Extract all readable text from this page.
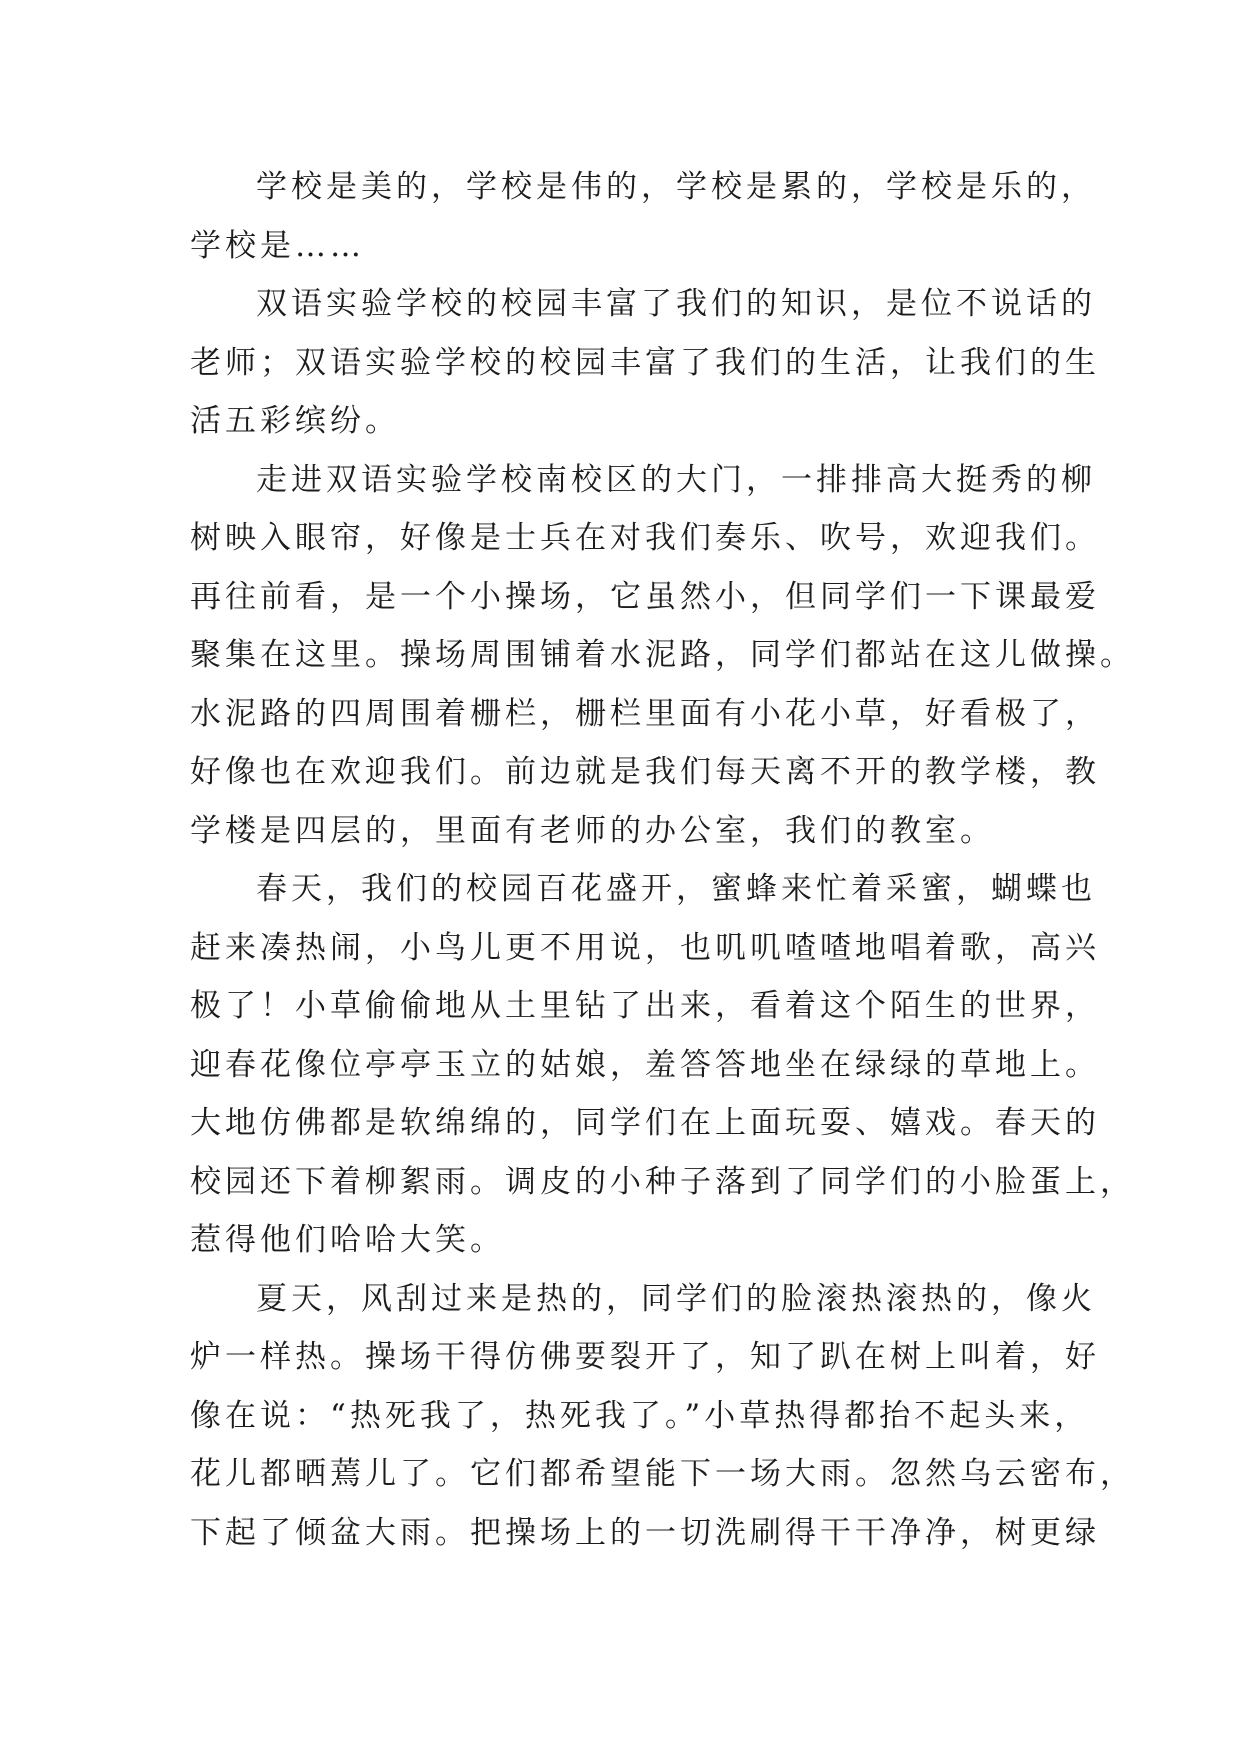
学校是美的，学校是伟的，学校是累的，学校是乐的，
学校是……

双语实验学校的校园丰富了我们的知识，是位不说话的
老师；双语实验学校的校园丰富了我们的生活，让我们的生
活五彩缤纷。

走进双语实验学校南校区的大门，一排排高大挺秀的柳
树映入眼帘，好像是士兵在对我们奏乐、吹号，欢迎我们。
再往前看，是一个小操场，它虽然小，但同学们一下课最爱
聚集在这里。操场周围铺着水泥路，同学们都站在这儿做操。
水泥路的四周围着栅栏，栅栏里面有小花小草，好看极了，
好像也在欢迎我们。前边就是我们每天离不开的教学楼，教
学楼是四层的，里面有老师的办公室，我们的教室。

春天，我们的校园百花盛开，蜜蜂来忙着采蜜，蝴蝶也
赶来凑热闹，小鸟儿更不用说，也叽叽喳喳地唱着歌，高兴
极了！小草偷偷地从土里钻了出来，看着这个陌生的世界，
迎春花像位亭亭玉立的姑娘，羞答答地坐在绿绿的草地上。
大地仿佛都是软绵绵的，同学们在上面玩耍、嬉戏。春天的
校园还下着柳絮雨。调皮的小种子落到了同学们的小脸蛋上，
惹得他们哈哈大笑。

夏天，风刮过来是热的，同学们的脸滚热滚热的，像火
炉一样热。操场干得仿佛要裂开了，知了趴在树上叫着，好
像在说：“热死我了，热死我了。”小草热得都抬不起头来，
花儿都晒蔫儿了。它们都希望能下一场大雨。忽然乌云密布，
下起了倾盆大雨。把操场上的一切洗刷得干干净净，树更绿
